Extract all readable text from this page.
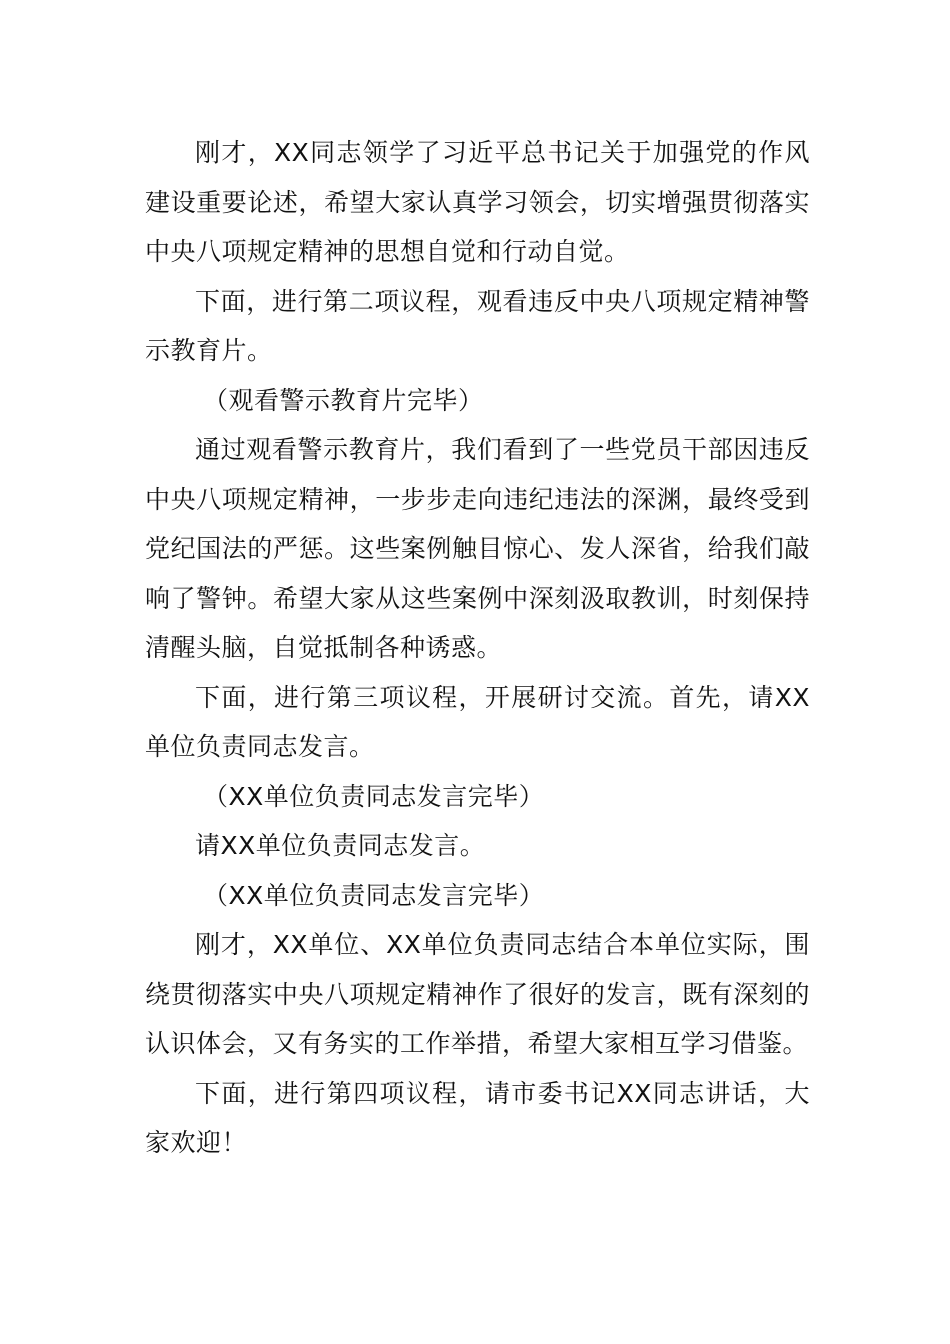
刚才，XX同志领学了习近平总书记关于加强党的作风建设重要论述，希望大家认真学习领会，切实增强贯彻落实中央八项规定精神的思想自觉和行动自觉。

下面，进行第二项议程，观看违反中央八项规定精神警示教育片。

（观看警示教育片完毕）

通过观看警示教育片，我们看到了一些党员干部因违反中央八项规定精神，一步步走向违纪违法的深渊，最终受到党纪国法的严惩。这些案例触目惊心、发人深省，给我们敲响了警钟。希望大家从这些案例中深刻汲取教训，时刻保持清醒头脑，自觉抵制各种诱惑。

下面，进行第三项议程，开展研讨交流。首先，请XX单位负责同志发言。

（XX单位负责同志发言完毕）

请XX单位负责同志发言。

（XX单位负责同志发言完毕）

刚才，XX单位、XX单位负责同志结合本单位实际，围绕贯彻落实中央八项规定精神作了很好的发言，既有深刻的认识体会，又有务实的工作举措，希望大家相互学习借鉴。

下面，进行第四项议程，请市委书记XX同志讲话，大家欢迎！
